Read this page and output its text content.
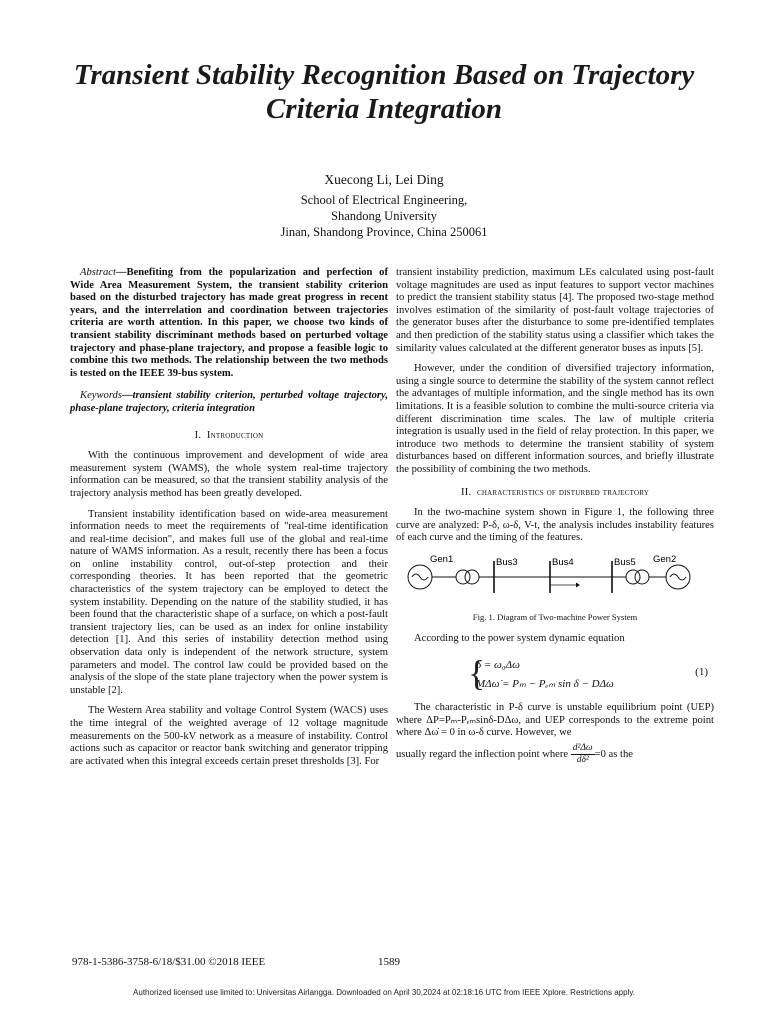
Transient Stability Recognition Based on Trajectory Criteria Integration
Xuecong Li, Lei Ding
School of Electrical Engineering,
Shandong University
Jinan, Shandong Province, China 250061
Abstract—Benefiting from the popularization and perfection of Wide Area Measurement System, the transient stability criterion based on the disturbed trajectory has made great progress in recent years, and the interrelation and coordination between trajectories criteria are worth attention. In this paper, we choose two kinds of transient stability discriminant methods based on perturbed voltage trajectory and phase-plane trajectory, and propose a feasible logic to combine this two methods. The relationship between the two methods is tested on the IEEE 39-bus system.
Keywords—transient stability criterion, perturbed voltage trajectory, phase-plane trajectory, criteria integration
I. Introduction

With the continuous improvement and development of wide area measurement system (WAMS), the whole system real-time trajectory information can be measured, so that the transient stability analysis of the trajectory analysis method has been greatly developed.

Transient instability identification based on wide-area measurement information needs to meet the requirements of "real-time identification and real-time decision", and makes full use of the global and real-time nature of WAMS information. As a result, recently there has been a focus on online instability control, out-of-step protection and their corresponding theories. It has been reported that the geometric characteristics of the system trajectory can be employed to detect the system instability. Depending on the nature of the stability studied, it has been found that the characteristic shape of a surface, on which a post-fault transient trajectory lies, can be used as an index for online instability detection [1]. And this series of instability detection method using observation data only is independent of the network structure, system parameters and model. The control law could be provided based on the analysis of the slope of the state plane trajectory when the power system is unstable [2].

The Western Area stability and voltage Control System (WACS) uses the time integral of the weighted average of 12 voltage magnitude measurements on the 500-kV network as a measure of instability. Control actions such as capacitor or reactor bank switching and generator tripping are activated when this integral exceeds certain preset thresholds [3]. For

transient instability prediction, maximum LEs calculated using post-fault voltage magnitudes are used as input features to support vector machines to predict the transient stability status [4]. The proposed two-stage method involves estimation of the similarity of post-fault voltage trajectories of the generator buses after the disturbance to some pre-identified templates and then prediction of the stability status using a classifier which takes the similarity values calculated at the different generator buses as inputs [5].

However, under the condition of diversified trajectory information, using a single source to determine the stability of the system cannot reflect the advantages of multiple information, and the single method has its own limitations. It is a feasible solution to combine the multi-source criteria via different discrimination time scales. The law of multiple criteria integration is usually used in the field of relay protection. In this paper, we introduce two methods to determine the transient stability of system disturbances based on different information sources, and briefly illustrate the possibility of combining the two methods.

II. characteristics of disturbed trajectory

In the two-machine system shown in Figure 1, the following three curve are analyzed: P-δ, ω-δ, V-t, the analysis includes instability features of each curve and the timing of the features.

Gen1	Bus3	Bus4	Bus5 Gen2
Fig. 1. Diagram of Two-machine Power System

According to the power system dynamic equation

{
δ = ω₀Δω
MΔω̇ = Pₘ − Pₑₘ sin δ − DΔω
(1)

The characteristic in P-δ curve is unstable equilibrium point (UEP) where ΔP=Pₘ-Pₑₘsinδ-DΔω, and UEP corresponds to the extreme point where Δω̇ = 0 in ω-δ curve. However, we

usually regard the inflection point where $\frac{\text{d²Δω}}{\text{dδ²}}=0$ as the
978-1-5386-3758-6/18/$31.00 ©2018 IEEE	1589
Authorized licensed use limited to: Universitas Airlangga. Downloaded on April 30,2024 at 02:18:16 UTC from IEEE Xplore. Restrictions apply.
